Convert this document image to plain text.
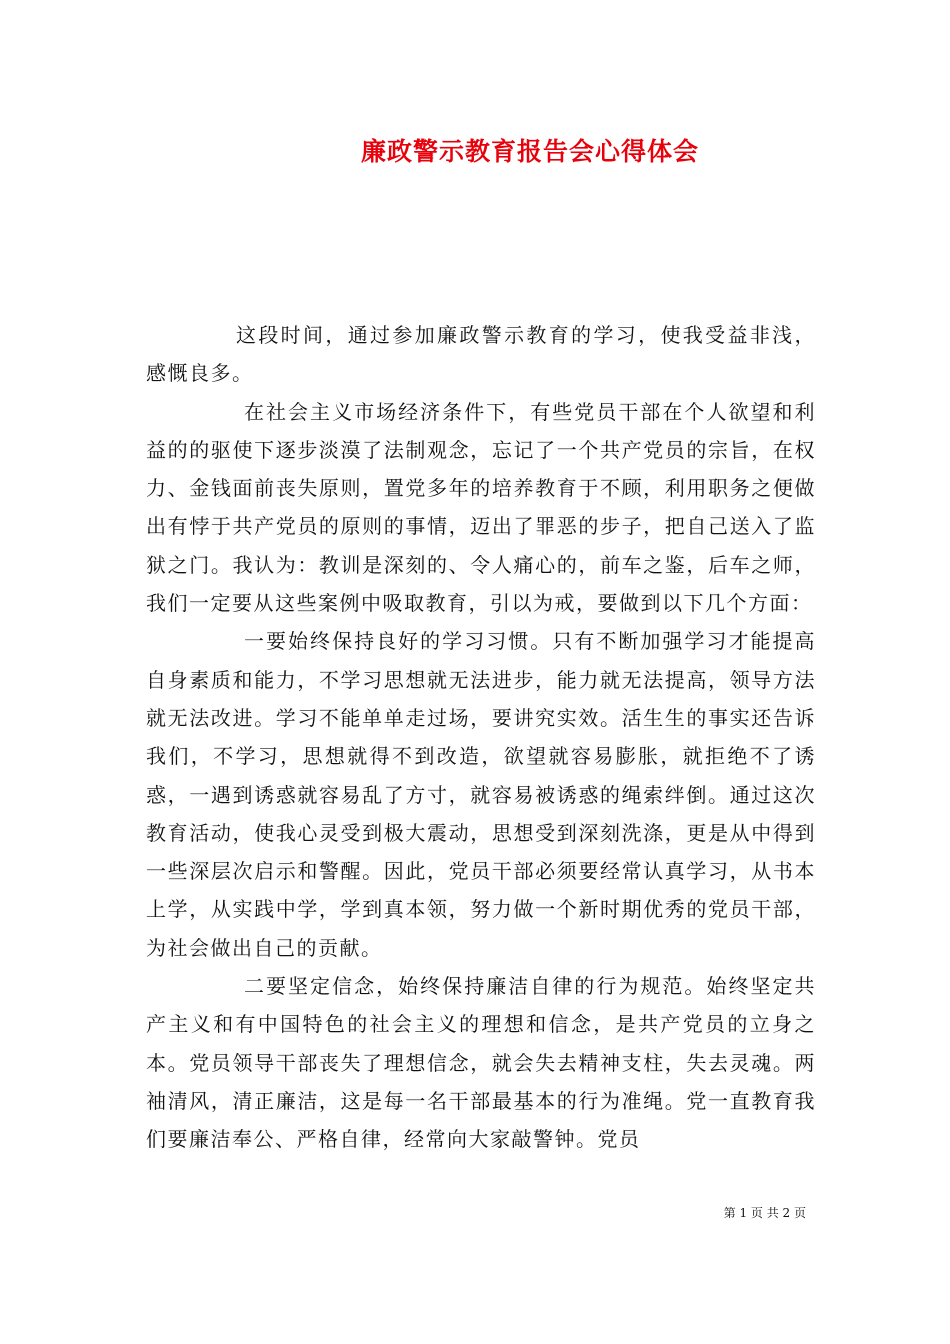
廉政警示教育报告会心得体会

这段时间，通过参加廉政警示教育的学习，使我受益非浅，感慨良多。

在社会主义市场经济条件下，有些党员干部在个人欲望和利益的的驱使下逐步淡漠了法制观念，忘记了一个共产党员的宗旨，在权力、金钱面前丧失原则，置党多年的培养教育于不顾，利用职务之便做出有悖于共产党员的原则的事情，迈出了罪恶的步子，把自己送入了监狱之门。我认为：教训是深刻的、令人痛心的，前车之鉴，后车之师，我们一定要从这些案例中吸取教育，引以为戒，要做到以下几个方面：

一要始终保持良好的学习习惯。只有不断加强学习才能提高自身素质和能力，不学习思想就无法进步，能力就无法提高，领导方法就无法改进。学习不能单单走过场，要讲究实效。活生生的事实还告诉我们，不学习，思想就得不到改造，欲望就容易膨胀，就拒绝不了诱惑，一遇到诱惑就容易乱了方寸，就容易被诱惑的绳索绊倒。通过这次教育活动，使我心灵受到极大震动，思想受到深刻洗涤，更是从中得到一些深层次启示和警醒。因此，党员干部必须要经常认真学习，从书本上学，从实践中学，学到真本领，努力做一个新时期优秀的党员干部，为社会做出自己的贡献。

二要坚定信念，始终保持廉洁自律的行为规范。始终坚定共产主义和有中国特色的社会主义的理想和信念，是共产党员的立身之本。党员领导干部丧失了理想信念，就会失去精神支柱，失去灵魂。两袖清风，清正廉洁，这是每一名干部最基本的行为准绳。党一直教育我们要廉洁奉公、严格自律，经常向大家敲警钟。党员

第 1 页 共 2 页
